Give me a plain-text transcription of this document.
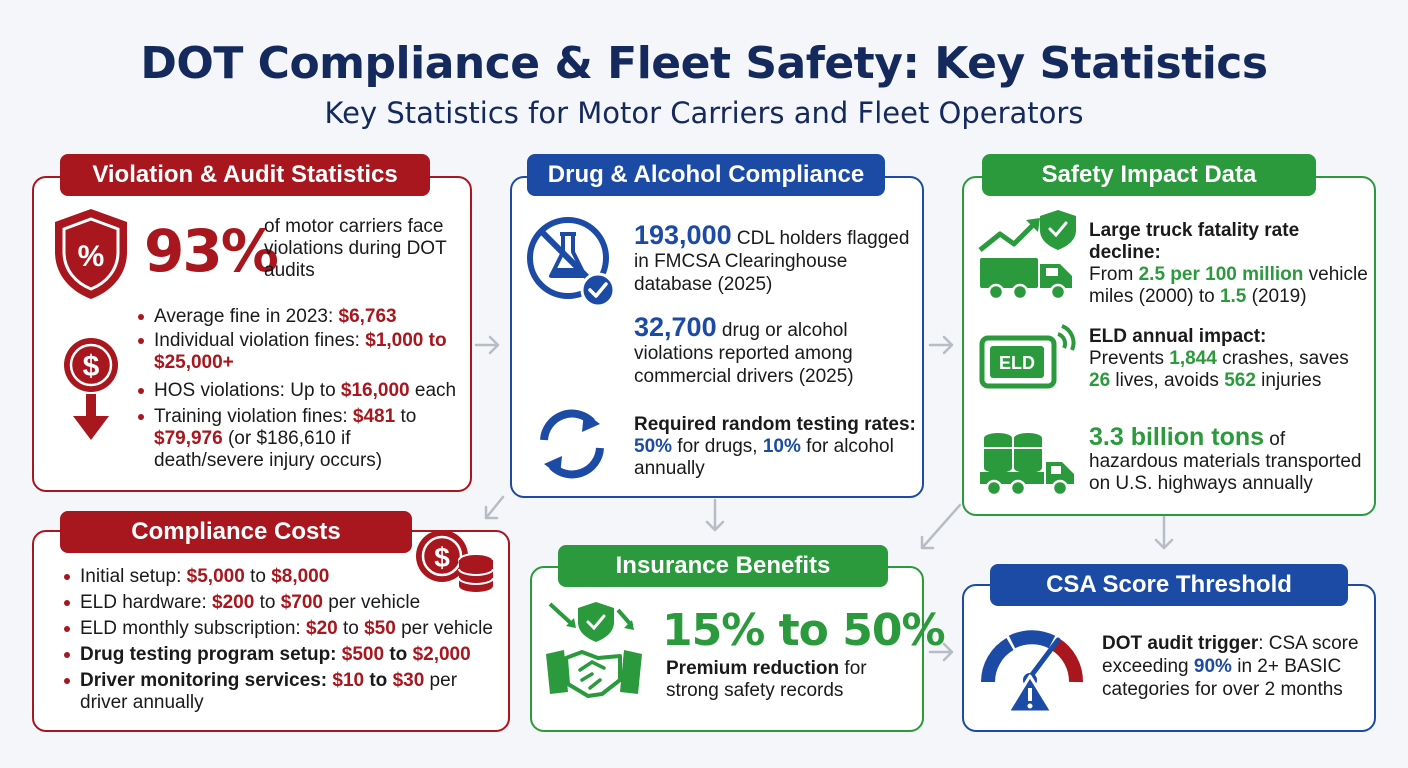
DOT Compliance & Fleet Safety: Key Statistics
Key Statistics for Motor Carriers and Fleet Operators
Violation & Audit Statistics
% 93%
of motor carriers face violations during DOT audits
$
Average fine in 2023: $6,763
Individual violation fines: $1,000 to $25,000+
HOS violations: Up to $16,000 each
Training violation fines: $481 to $79,976 (or $186,610 if death/severe injury occurs)
Drug & Alcohol Compliance
193,000 CDL holders flagged in FMCSA Clearinghouse database (2025)
32,700 drug or alcohol violations reported among commercial drivers (2025)
Required random testing rates:
50% for drugs, 10% for alcohol annually
Safety Impact Data
Large truck fatality rate decline:
From 2.5 per 100 million vehicle miles (2000) to 1.5 (2019)
ELD
ELD annual impact:
Prevents 1,844 crashes, saves 26 lives, avoids 562 injuries
3.3 billion tons of hazardous materials transported on U.S. highways annually
Compliance Costs
$
Initial setup: $5,000 to $8,000
ELD hardware: $200 to $700 per vehicle
ELD monthly subscription: $20 to $50 per vehicle
Drug testing program setup: $500 to $2,000
Driver monitoring services: $10 to $30 per driver annually
Insurance Benefits
15% to 50%
Premium reduction for strong safety records
CSA Score Threshold
DOT audit trigger: CSA score exceeding 90% in 2+ BASIC categories for over 2 months
